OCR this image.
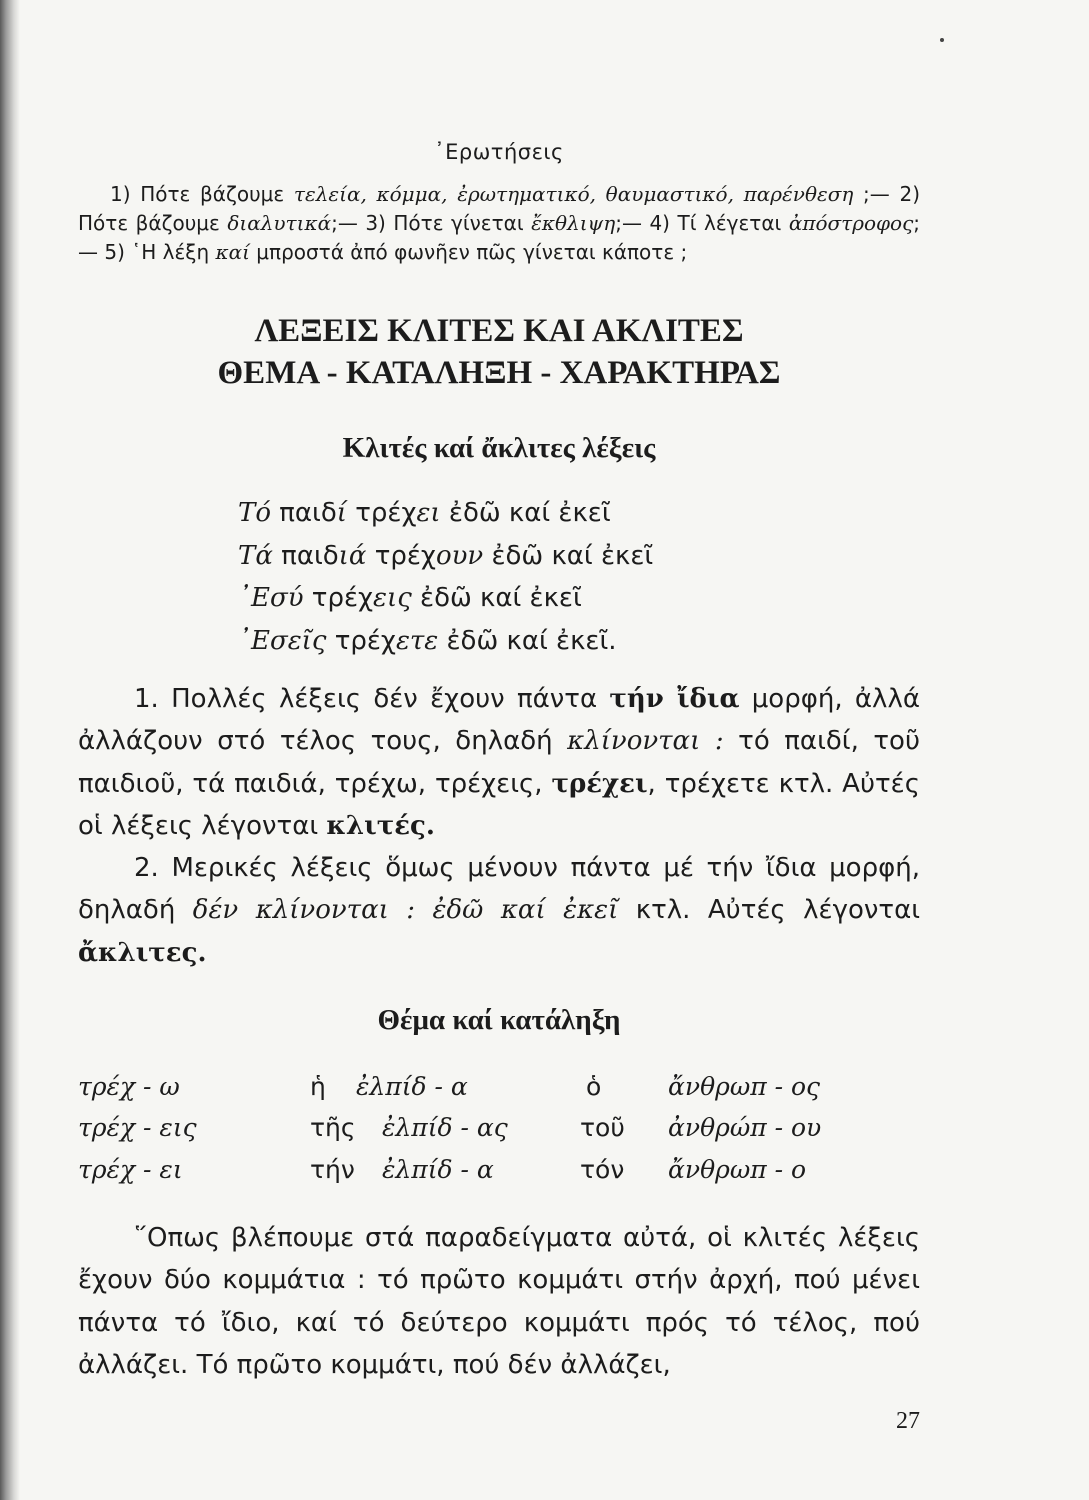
᾿Ερωτήσεις
1) Πότε βάζουμε τελεία, κόμμα, ἐρωτηματικό, θαυμαστικό, παρένθεση ;— 2) Πότε βάζουμε διαλυτικά;— 3) Πότε γίνεται ἔκθλιψη;— 4) Τί λέγεται ἀπόστροφος; — 5) ῾Η λέξη καί μπροστά ἀπό φωνῆεν πῶς γίνεται κάποτε ;
ΛΕΞΕΙΣ ΚΛΙΤΕΣ ΚΑΙ ΑΚΛΙΤΕΣ
ΘΕΜΑ - ΚΑΤΑΛΗΞΗ - ΧΑΡΑΚΤΗΡΑΣ
Κλιτές καί ἄκλιτες λέξεις
Τό παιδί τρέχει ἐδῶ καί ἐκεῖ
Τά παιδιά τρέχουν ἐδῶ καί ἐκεῖ
᾿Εσύ τρέχεις ἐδῶ καί ἐκεῖ
᾿Εσεῖς τρέχετε ἐδῶ καί ἐκεῖ.
1. Πολλές λέξεις δέν ἔχουν πάντα τήν ἴδια μορφή, ἀλλά ἀλλάζουν στό τέλος τους, δηλαδή κλίνονται : τό παιδί, τοῦ παιδιοῦ, τά παιδιά, τρέχω, τρέχεις, τρέχει, τρέχετε κτλ. Αὐτές οἱ λέξεις λέγονται κλιτές.
2. Μερικές λέξεις ὅμως μένουν πάντα μέ τήν ἴδια μορφή, δηλαδή δέν κλίνονται : ἐδῶ καί ἐκεῖ κτλ. Αὐτές λέγονται ἄκλιτες.
Θέμα καί κατάληξη
τρέχ - ω	ἡ ἐλπίδ - α	ὁ	ἄνθρωπ - ος
τρέχ - εις	τῆς ἐλπίδ - ας	τοῦ ἀνθρώπ - ου
τρέχ - ει	τήν ἐλπίδ - α	τόν ἄνθρωπ - ο
῞Οπως βλέπουμε στά παραδείγματα αὐτά, οἱ κλιτές λέξεις ἔχουν δύο κομμάτια : τό πρῶτο κομμάτι στήν ἀρχή, πού μένει πάντα τό ἴδιο, καί τό δεύτερο κομμάτι πρός τό τέλος, πού ἀλλάζει. Τό πρῶτο κομμάτι, πού δέν ἀλλάζει,
27
